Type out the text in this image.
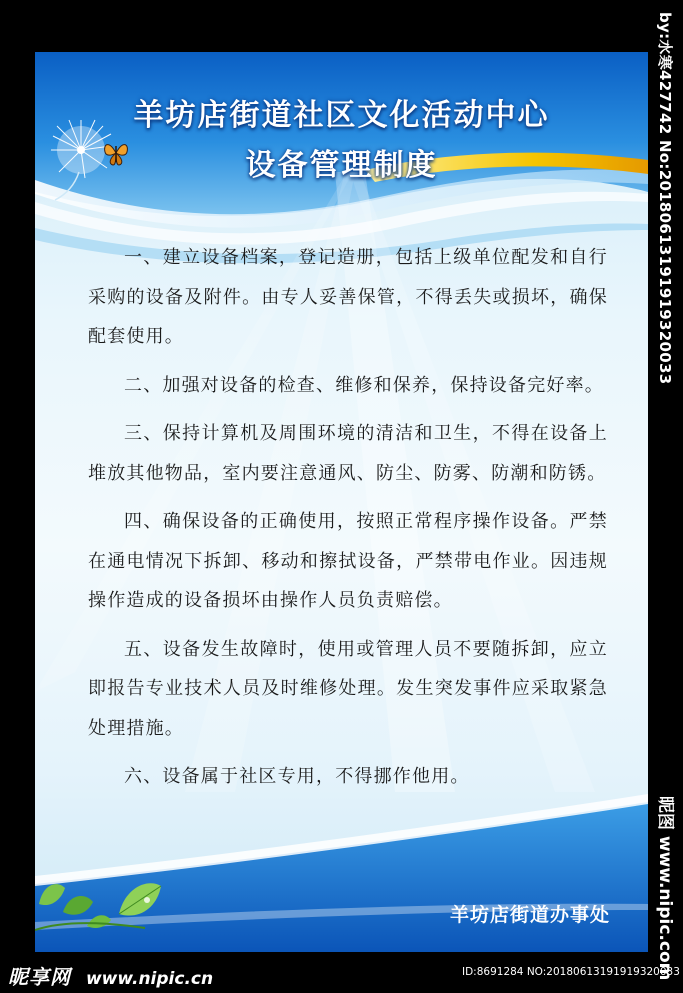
羊坊店街道社区文化活动中心
设备管理制度

一、建立设备档案，登记造册，包括上级单位配发和自行采购的设备及附件。由专人妥善保管，不得丢失或损坏，确保配套使用。

二、加强对设备的检查、维修和保养，保持设备完好率。

三、保持计算机及周围环境的清洁和卫生，不得在设备上堆放其他物品，室内要注意通风、防尘、防雾、防潮和防锈。

四、确保设备的正确使用，按照正常程序操作设备。严禁在通电情况下拆卸、移动和擦拭设备，严禁带电作业。因违规操作造成的设备损坏由操作人员负责赔偿。

五、设备发生故障时，使用或管理人员不要随拆卸，应立即报告专业技术人员及时维修处理。发生突发事件应采取紧急处理措施。

六、设备属于社区专用，不得挪作他用。

羊坊店街道办事处
by:水寒427742 No:20180613191919320033
昵图 www.nipic.com
昵享网 www.nipic.cn	ID:8691284 NO:20180613191919320033
